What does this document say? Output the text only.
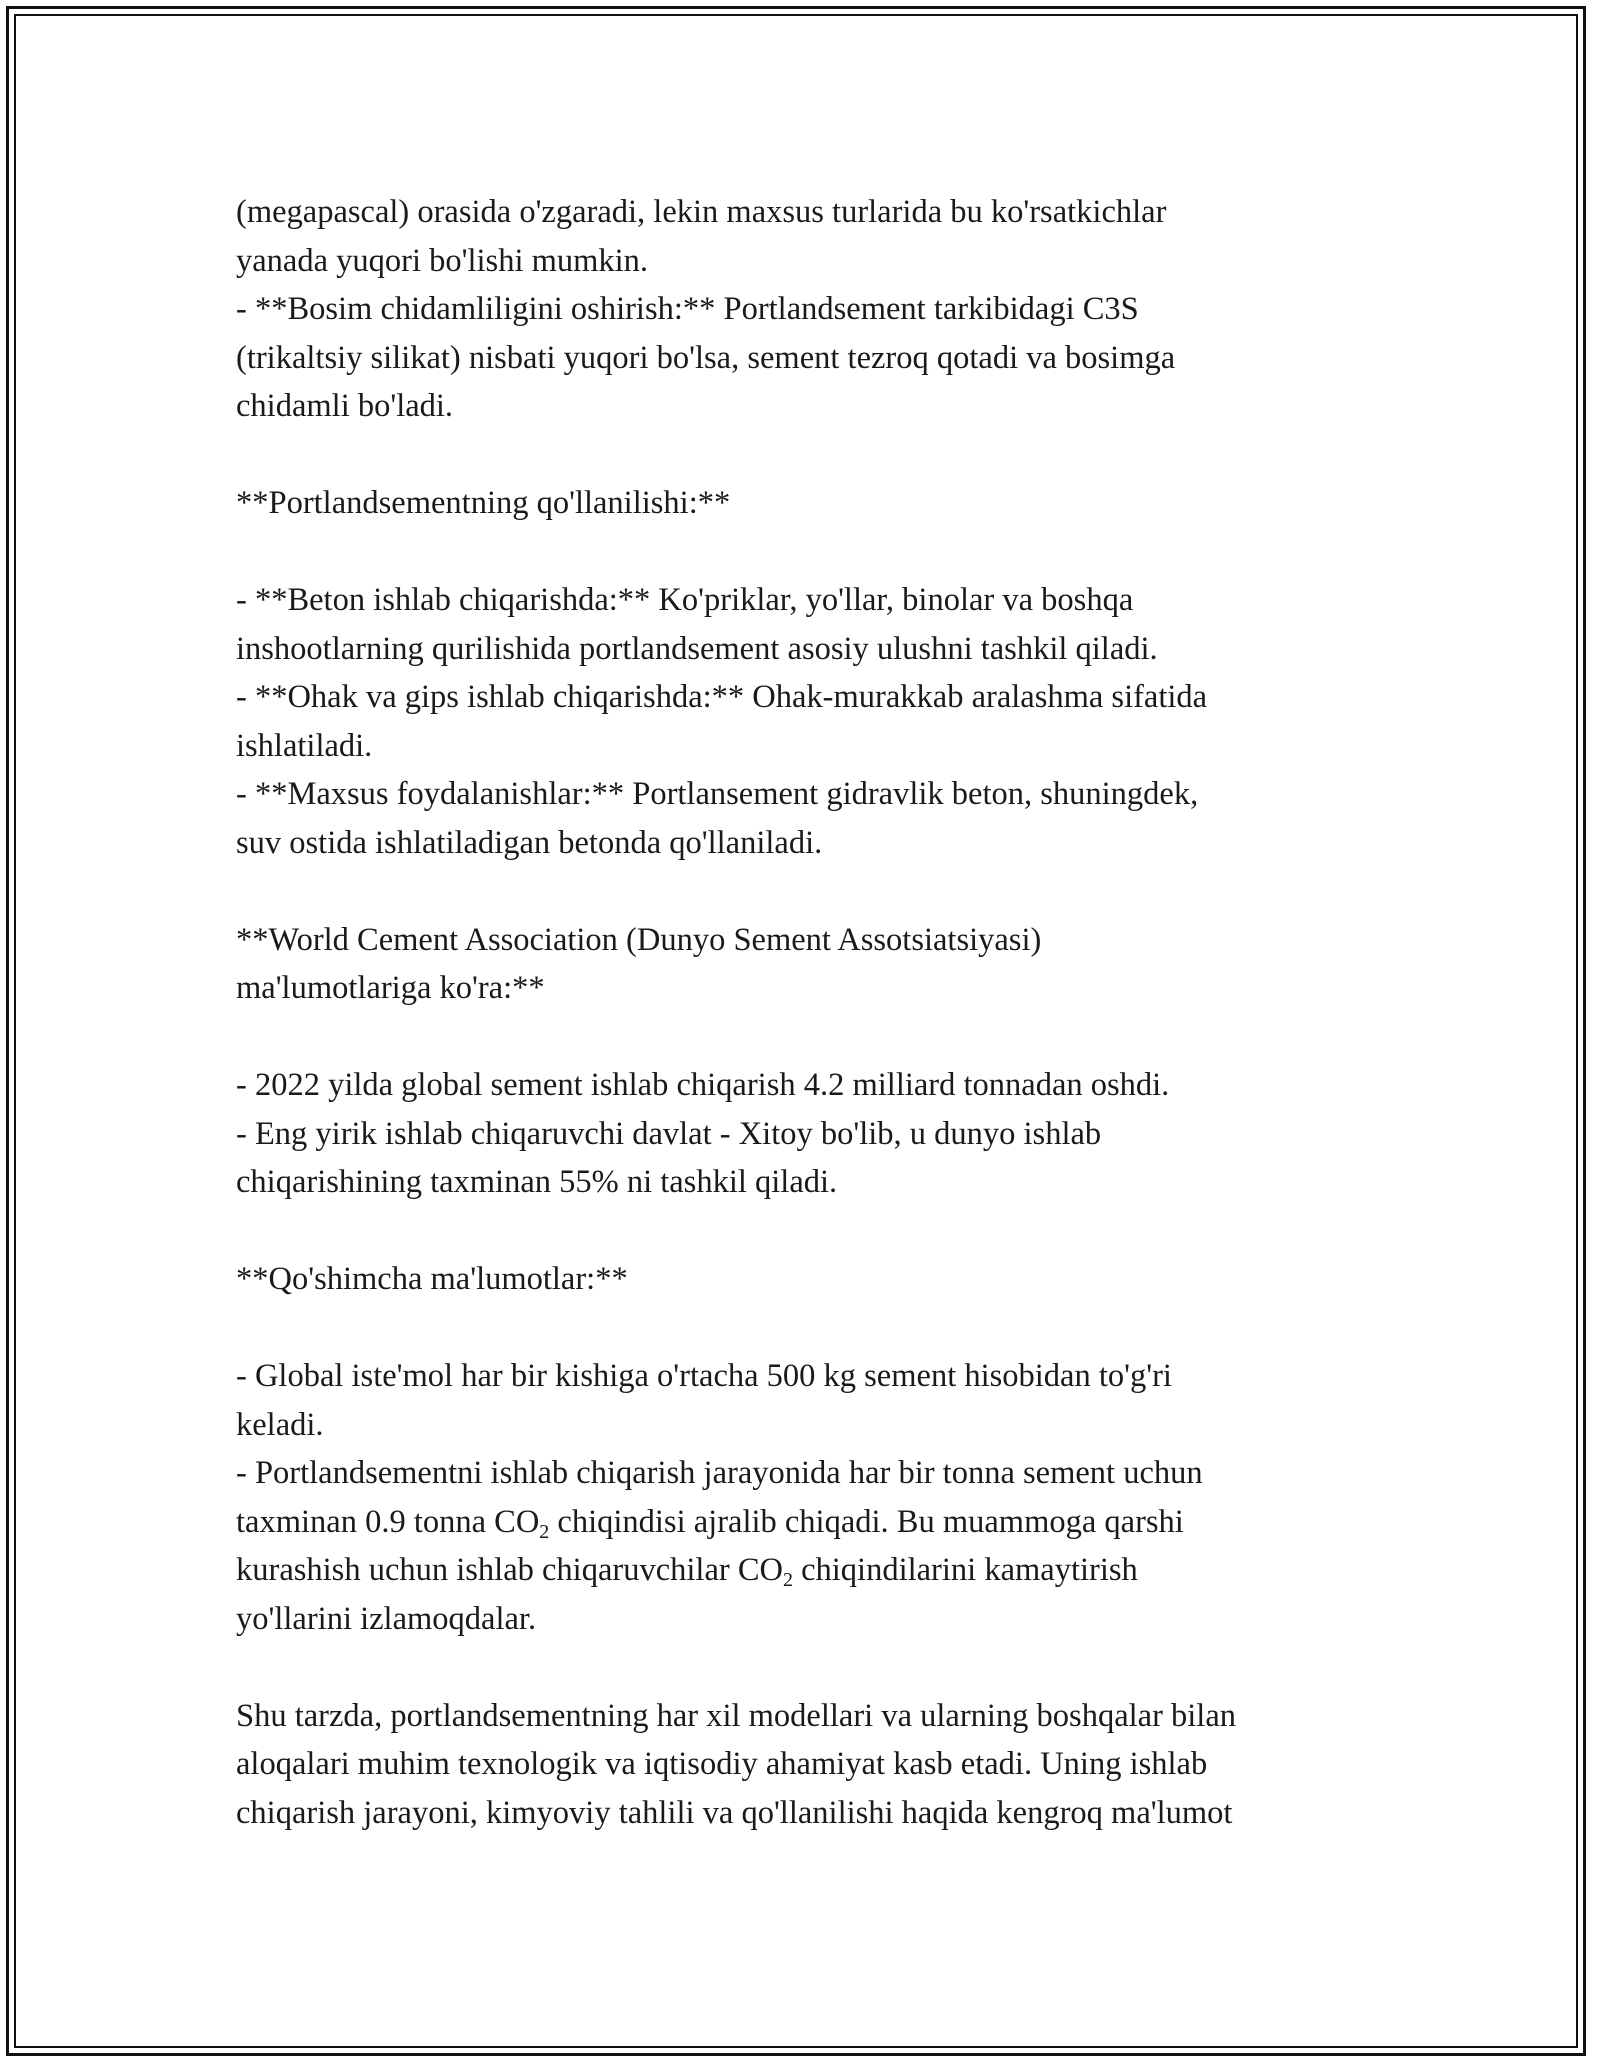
(megapascal) orasida o'zgaradi, lekin maxsus turlarida bu ko'rsatkichlar
yanada yuqori bo'lishi mumkin.
- **Bosim chidamliligini oshirish:** Portlandsement tarkibidagi C3S
(trikaltsiy silikat) nisbati yuqori bo'lsa, sement tezroq qotadi va bosimga
chidamli bo'ladi.
**Portlandsementning qo'llanilishi:**
- **Beton ishlab chiqarishda:** Ko'priklar, yo'llar, binolar va boshqa
inshootlarning qurilishida portlandsement asosiy ulushni tashkil qiladi.
- **Ohak va gips ishlab chiqarishda:** Ohak-murakkab aralashma sifatida
ishlatiladi.
- **Maxsus foydalanishlar:** Portlansement gidravlik beton, shuningdek,
suv ostida ishlatiladigan betonda qo'llaniladi.
**World Cement Association (Dunyo Sement Assotsiatsiyasi)
ma'lumotlariga ko'ra:**
- 2022 yilda global sement ishlab chiqarish 4.2 milliard tonnadan oshdi.
- Eng yirik ishlab chiqaruvchi davlat - Xitoy bo'lib, u dunyo ishlab
chiqarishining taxminan 55% ni tashkil qiladi.
**Qo'shimcha ma'lumotlar:**
- Global iste'mol har bir kishiga o'rtacha 500 kg sement hisobidan to'g'ri
keladi.
- Portlandsementni ishlab chiqarish jarayonida har bir tonna sement uchun
taxminan 0.9 tonna $CO_2$ chiqindisi ajralib chiqadi. Bu muammoga qarshi
kurashish uchun ishlab chiqaruvchilar $CO_2$ chiqindilarini kamaytirish
yo'llarini izlamoqdalar.
Shu tarzda, portlandsementning har xil modellari va ularning boshqalar bilan
aloqalari muhim texnologik va iqtisodiy ahamiyat kasb etadi. Uning ishlab
chiqarish jarayoni, kimyoviy tahlili va qo'llanilishi haqida kengroq ma'lumot
